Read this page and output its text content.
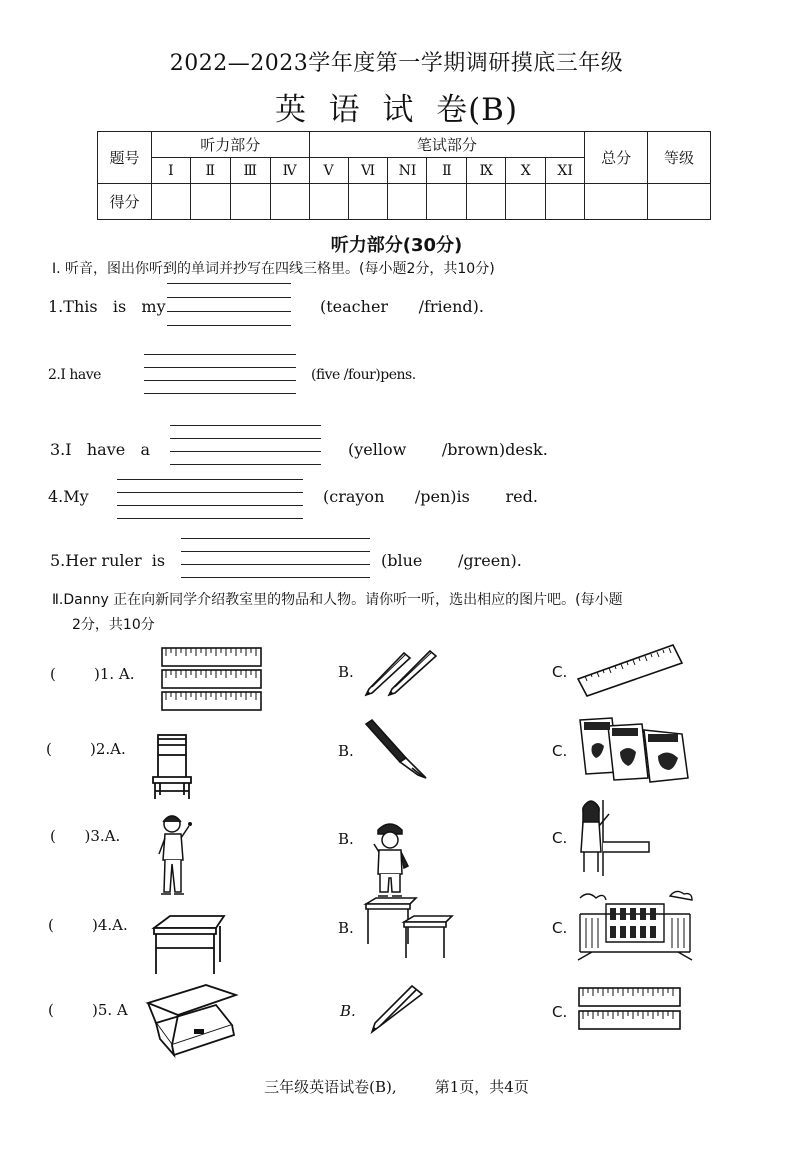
2022—2023学年度第一学期调研摸底三年级
英  语  试  卷(B)
题号	听力部分				笔试部分							总分	等级
	Ⅰ	Ⅱ	Ⅲ	Ⅳ	V	Ⅵ	NI	Ⅱ	Ⅸ	Ⅹ	XI		
得分													
听力部分(30分)
Ⅰ. 听音，图出你听到的单词并抄写在四线三格里。(每小题2分，共10分)
1.This   is   my	(teacher      /friend).
2.I have	(five /four)pens.
3.I   have   a	(yellow       /brown)desk.
4.My	(crayon      /pen)is       red.
5.Her ruler  is	(blue       /green).
Ⅱ.Danny 正在向新同学介绍教室里的物品和人物。请你听一听，选出相应的图片吧。(每小题
2分，共10分
(        )1. A.	B.	C.
(        )2.A.	B.	C.
(      )3.A.	B.	C.
(        )4.A.	B.	C.
(        )5. A	B.	C.
三年级英语试卷(B),        第1页，共4页
